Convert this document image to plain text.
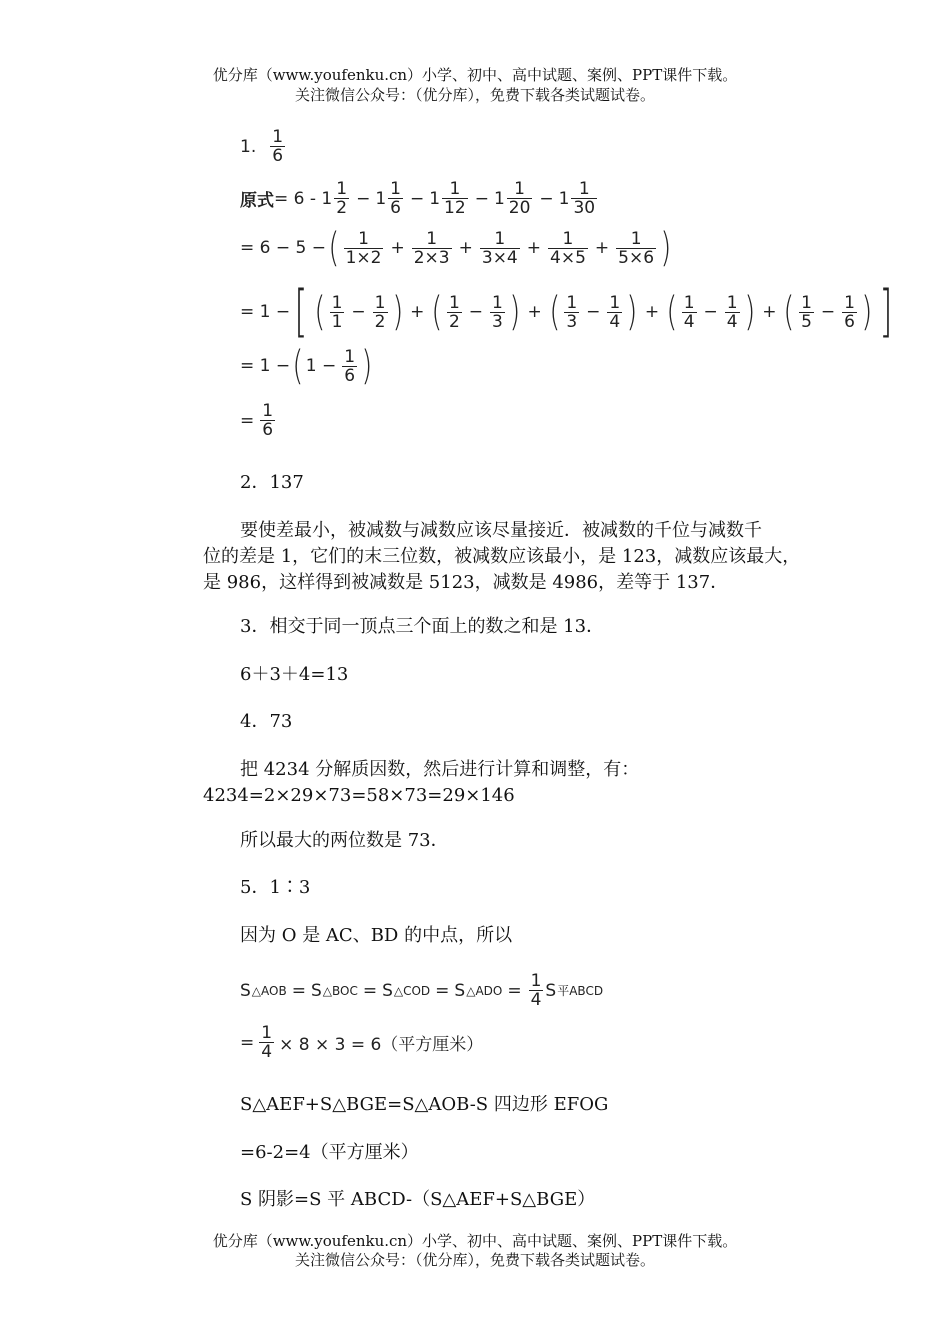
优分库（www.youfenku.cn）小学、初中、高中试题、案例、PPT课件下载。
关注微信公众号：（优分库），免费下载各类试题试卷。
1. $\frac{1}{6}$
原式 = $6 - 1 \frac{1}{2} - 1 \frac{1}{6} - 1 \frac{1}{12} - 1 \frac{1}{20} - 1 \frac{1}{30}$
= 6 − 5 − ( $\frac{1}{1\times 2} + \frac{1}{2\times 3} + \frac{1}{3\times 4} + \frac{1}{4\times 5} + \frac{1}{5\times 6}$ )
= 1 − [ ( $\frac{1}{1} - \frac{1}{2}$ ) + ( $\frac{1}{2} - \frac{1}{3}$ ) + ( $\frac{1}{3} - \frac{1}{4}$ ) + ( $\frac{1}{4} - \frac{1}{4}$ ) + ( $\frac{1}{5} - \frac{1}{6}$ ) ]
= 1 − ( $1 - \frac{1}{6}$ )
= $\frac{1}{6}$
2．137
要使差最小，被减数与减数应该尽量接近．被减数的千位与减数千
位的差是 1，它们的末三位数，被减数应该最小，是 123，减数应该最大，
是 986，这样得到被减数是 5123，减数是 4986，差等于 137．
3．相交于同一顶点三个面上的数之和是 13．
6＋3＋4=13
4．73
把 4234 分解质因数，然后进行计算和调整，有：
4234=2×29×73=58×73=29×146
所以最大的两位数是 73．
5．1∶3
因为 O 是 AC、BD 的中点，所以
S △AOB = S △BOC = S △COD = S △ADO = $\frac{1}{4}$ S 平ABCD
= $\frac{1}{4} \times 8 \times 3 = 6$（平方厘米）
S△AEF+S△BGE=S△AOB-S 四边形 EFOG
=6-2=4（平方厘米）
S 阴影=S 平 ABCD-（S△AEF+S△BGE）
优分库（www.youfenku.cn）小学、初中、高中试题、案例、PPT课件下载。
关注微信公众号：（优分库），免费下载各类试题试卷。
